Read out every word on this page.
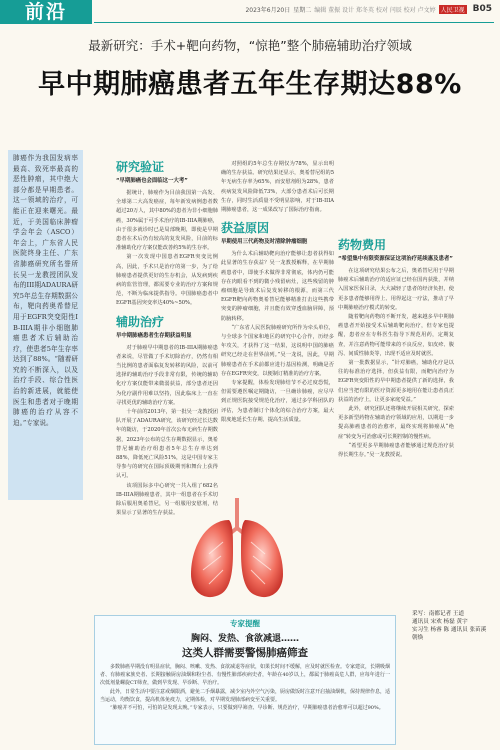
前沿	2023年6月20日 星期二 编辑 董振 设计 郑冬英 校对 闫辰 校对 卢文婷 人民卫视 B05
最新研究：手术+靶向药物，“惊艳”整个肺癌辅助治疗领域
早中期肺癌患者五年生存期达88%

肺癌作为我国发病率最高、致死率最高的恶性肿瘤，其中绝大部分都是早期患者。这一领域的治疗，可能正在迎来曙光。最近，于美国临床肿瘤学会年会（ASCO）年会上，广东省人民医院终身主任、广东省肺癌研究所名誉所长吴一龙教授团队发布的III期ADAURA研究5年总生存期数据公布，靶向药奥希替尼用于EGFR突变阳性IB-IIIA期非小细胞肺癌患者术后辅助治疗，使患者5年生存率达到了88%。“随着研究的不断深入，以及治疗手段、综合性医治的新进展，就能使医生和患者对于晚期肺癌的治疗从容不迫。”专家说。

研究验证

“早期肺癌也会面临这一大考”

据统计，肺癌作为目前我国第一高发、全球第二大高发癌症，每年新发病例患者数超过20万人，其中80%的患者为非小细胞肺癌，30%属于可手术治疗的IB-IIIA期肺癌，由于很多就诊时已是局部晚期，即使是早期患者在术后仍有较高的复发风险，目前的标准辅助化疗方案仅能改善约5%的生存率。

第一次发现中国患者EGFR突变比例高，因此，手术只是治疗的第一步，为了给肺癌患者提供更好的生存机会，从发病到疾病的监管管理，都需要专业的治疗方案和规范，不断为临床提供指导。中国肺癌患者中EGFR基因突变率达40%~50%。

辅助治疗

早中期肺癌患者生存期获益明显

对于肺癌早中期患者的IB-IIIA期肺癌患者来说，尽管做了手术切除治疗，仍然有相当比例的患者面临复发转移的风险，以前可选择的辅助治疗手段非常有限，传统的辅助化疗方案仅能带来微弱获益，部分患者还因为化疗副作用难以坚持，因此临床上一直在寻找更优的辅助治疗方案。

十年前的2013年，第一批吴一龙教授团队开展了ADAURA研究，该研究经过长达数年的随访，于2020年首次公布无病生存期数据，2023年公布的总生存期数据显示，奥希替尼辅助治疗组患者5年总生存率达到88%，降低死亡风险51%，这是中国专家主导参与的研究在国际顶级期刊和舞台上获得认可。

该项国际多中心研究一共入组了682名IB-IIIA期肺癌患者，其中一组患者在手术切除后服用奥希替尼，另一组服用安慰剂，结果显示了显著的生存获益。

对照组的5年总生存期仅为78%，显示出明确的生存获益。研究结果还显示，奥希替尼组的5年无病生存率为65%，而安慰剂组为28%，患者疾病复发风险降低73%，大部分患者术后可长期生存，同时生活质量不受明显影响，对于IB-IIIA期肺癌患者，这一成果改写了国际治疗指南。

获益原因

早期使用三代药物及时清除肿瘤细胞

为什么术后辅助靶向治疗能够让患者获得如此显著的生存获益？吴一龙教授解释，在早期肺癌患者中，即使手术做得非常彻底，体内仍可能存在肉眼看不到的微小残留病灶，这些残留的肿瘤细胞是导致术后复发转移的根源，而第三代EGFR靶向药物奥希替尼能够精准打击这些携带突变的肿瘤细胞，并且能有效穿透血脑屏障，预防脑转移。

“广东省人民医院肺癌研究所作为牵头单位，与全球多个国家和地区的研究中心合作，历经多年攻关，才获得了这一结果，这说明中国的肺癌研究已经走在世界前列。”吴一龙说，因此，早期肺癌患者在手术前都应进行基因检测，明确是否存在EGFR突变，以便制订精准的治疗方案。

专家提醒，体检发现肺结节不必过度恐慌，但需要遵医嘱定期随访，一旦确诊肺癌，应尽早到正规医院接受规范化治疗，通过多学科团队的评估，为患者制订个体化的综合治疗方案，最大限度地延长生存期、提高生活质量。

药物费用

“希望集中有限资源保证这项治疗延续惠及患者”

在这项研究结果公布之后，奥希替尼用于早期肺癌术后辅助治疗的适应证已经在国内获批，并纳入国家医保目录，大大减轻了患者的经济负担，使更多患者能够用得上、用得起这一疗法，推动了早中期肺癌治疗模式的转变。

随着靶向药物的不断开发，越来越多早中期肺癌患者开始接受术后辅助靶向治疗，但专家也提醒，患者应在专科医生指导下规范用药，定期复查，并注意药物可能带来的不良反应，如皮疹、腹泻、间质性肺炎等，出现不适应及时就医。

第一批数据显示，“针对肺癌，辅助化疗是以往的标准治疗选择，但获益有限，而靶向治疗为EGFR突变阳性的早中期患者提供了新的选择，我们应当把有限的医疗资源更多地用在能让患者真正获益的治疗上，让更多家庭受益。”

此外，研究团队还将继续开展相关研究，探索更多新型药物在辅助治疗领域的应用，以期进一步提高肺癌患者的治愈率，最终实现将肺癌从“绝症”转变为可治愈或可长期控制的慢性病。

“希望更多早期肺癌患者能够通过规范治疗获得长期生存。”吴一龙教授说。

采写：南都记者 王道
通讯员 宋欢 杨磊 黄宇
实习生 杨睿 陈 通讯员 张苗溪 朝焕

专家提醒

胸闷、发热、食欲减退……

这类人群需要警惕肺癌筛查

多数肺癌早期没有明显症状，胸闷、咳嗽、发热、食欲减退等症状，如果长时间不缓解，应及时就医检查。专家建议，长期吸烟者、有肺癌家族史者、长期接触厨房油烟和粉尘者、有慢性肺部疾病史者，年龄在40岁以上，都属于肺癌高危人群，应每年进行一次低剂量螺旋CT筛查，做到早发现、早诊断、早治疗。

此外，日常生活中要注意戒烟限酒，避免二手烟暴露，减少室内外空气污染，厨房做饭时注意开启抽油烟机，保持规律作息，适当运动，均衡饮食，提高机体免疫力，定期体检，对早期发现肺部病变至关重要。

“肺癌并不可怕，可怕的是发现太晚。”专家表示，只要做到早筛查、早诊断、规范治疗，早期肺癌患者治愈率可以超过90%。
